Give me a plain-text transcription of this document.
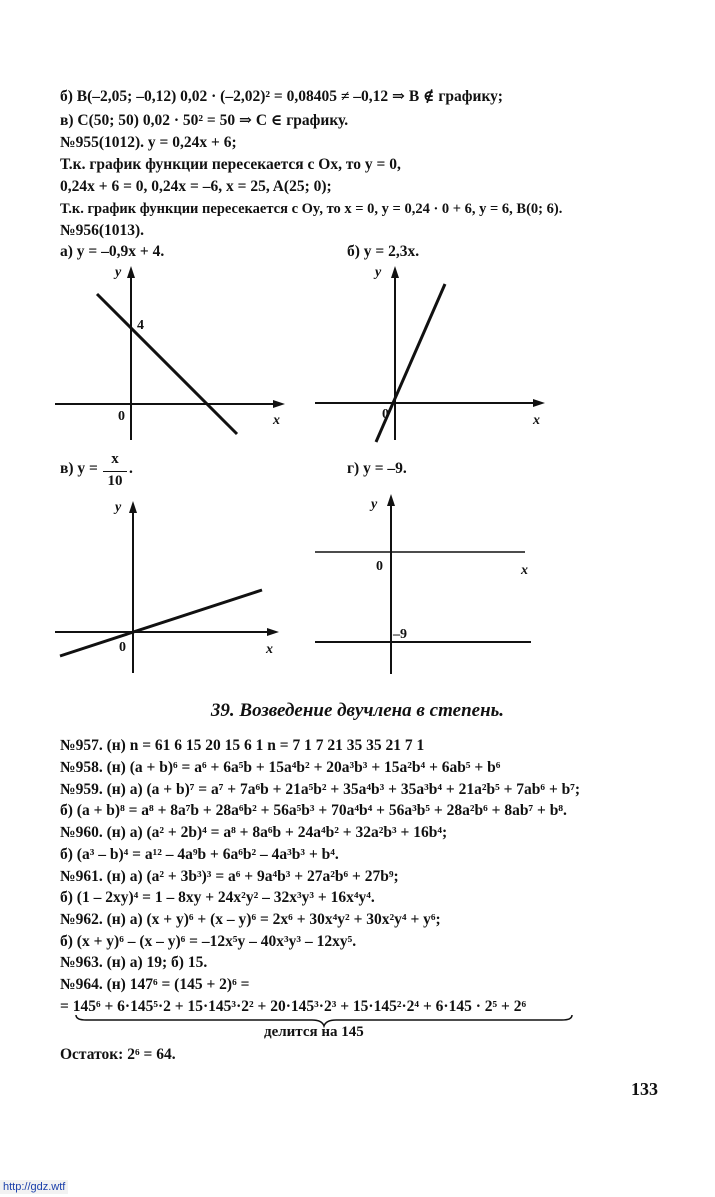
б) B(–2,05; –0,12) 0,02 · (–2,02)² = 0,08405 ≠ –0,12 ⇒ B ∉ графику;
в) C(50; 50) 0,02 · 50² = 50 ⇒ C ∈ графику.
№955(1012). y = 0,24x + 6;
Т.к. график функции пересекается с Ox, то y = 0,
0,24x + 6 = 0, 0,24x = –6, x = 25, A(25; 0);
Т.к. график функции пересекается с Oy, то x = 0, y = 0,24 · 0 + 6, y = 6, B(0; 6).
№956(1013).
а) y = –0,9x + 4.
y
x
0
4
б) y = 2,3x.
y
x
0
в) y =
x
10
.
y
x
0
г) y = –9.
y
x
0
–9
39. Возведение двучлена в степень.
№957. (н) n = 61 6 15 20 15 6 1 n = 7 1 7 21 35 35 21 7 1
№958. (н) (a + b)⁶ = a⁶ + 6a⁵b + 15a⁴b² + 20a³b³ + 15a²b⁴ + 6ab⁵ + b⁶
№959. (н) а) (a + b)⁷ = a⁷ + 7a⁶b + 21a⁵b² + 35a⁴b³ + 35a³b⁴ + 21a²b⁵ + 7ab⁶ + b⁷;
б) (a + b)⁸ = a⁸ + 8a⁷b + 28a⁶b² + 56a⁵b³ + 70a⁴b⁴ + 56a³b⁵ + 28a²b⁶ + 8ab⁷ + b⁸.
№960. (н) а) (a² + 2b)⁴ = a⁸ + 8a⁶b + 24a⁴b² + 32a²b³ + 16b⁴;
б) (a³ – b)⁴ = a¹² – 4a⁹b + 6a⁶b² – 4a³b³ + b⁴.
№961. (н) а) (a² + 3b³)³ = a⁶ + 9a⁴b³ + 27a²b⁶ + 27b⁹;
б) (1 – 2xy)⁴ = 1 – 8xy + 24x²y² – 32x³y³ + 16x⁴y⁴.
№962. (н) а) (x + y)⁶ + (x – y)⁶ = 2x⁶ + 30x⁴y² + 30x²y⁴ + y⁶;
б) (x + y)⁶ – (x – y)⁶ = –12x⁵y – 40x³y³ – 12xy⁵.
№963. (н) а) 19; б) 15.
№964. (н) 147⁶ = (145 + 2)⁶ =
= 145⁶ + 6·145⁵·2 + 15·145³·2² + 20·145³·2³ + 15·145²·2⁴ + 6·145 · 2⁵ + 2⁶
делится на 145
Остаток: 2⁶ = 64.
133
http://gdz.wtf
